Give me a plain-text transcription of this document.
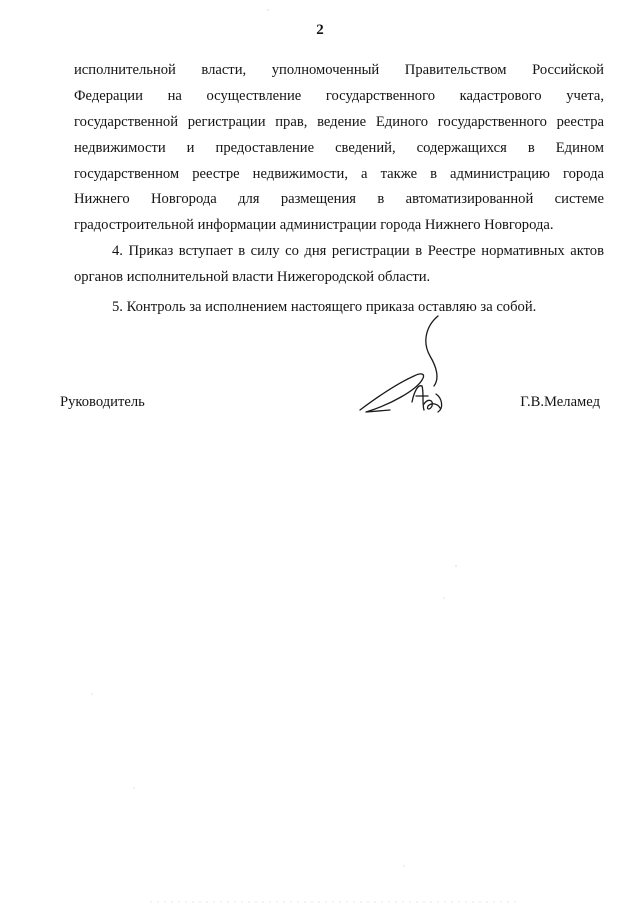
2
исполнительной власти, уполномоченный Правительством Российской
Федерации на осуществление государственного кадастрового учета,
государственной регистрации прав, ведение Единого государственного реестра
недвижимости и предоставление сведений, содержащихся в Едином
государственном реестре недвижимости, а также в администрацию города
Нижнего Новгорода для размещения в автоматизированной системе
градостроительной информации администрации города Нижнего Новгорода.
4. Приказ вступает в силу со дня регистрации в Реестре нормативных актов
органов исполнительной власти Нижегородской области.
5. Контроль за исполнением настоящего приказа оставляю за собой.
Руководитель	Г.В.Меламед
